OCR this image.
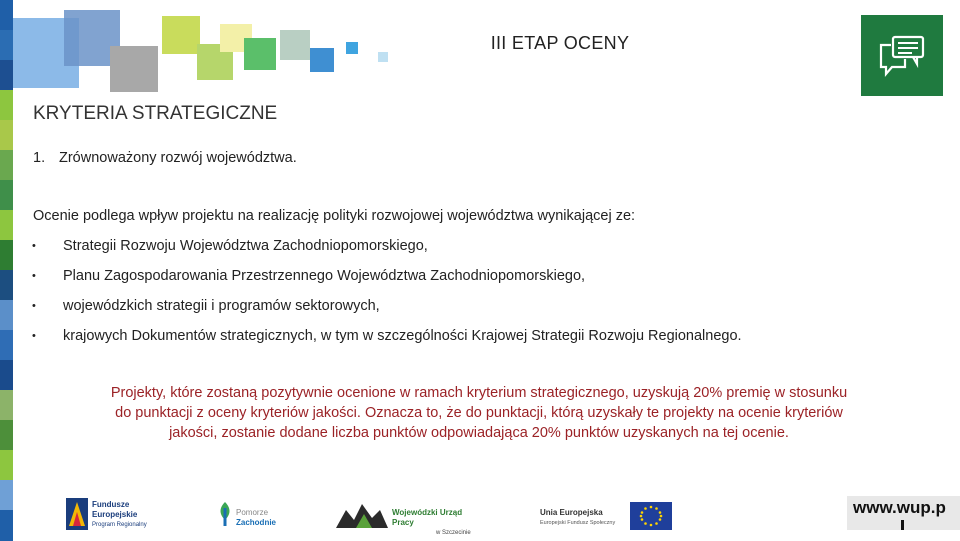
III ETAP OCENY
KRYTERIA STRATEGICZNE
1. Zrównoważony rozwój województwa.
Ocenie podlega wpływ projektu na realizację polityki rozwojowej województwa wynikającej ze:
• Strategii Rozwoju Województwa Zachodniopomorskiego,
• Planu Zagospodarowania Przestrzennego Województwa Zachodniopomorskiego,
• wojewódzkich strategii i programów sektorowych,
• krajowych Dokumentów strategicznych, w tym w szczególności Krajowej Strategii Rozwoju Regionalnego.
Projekty, które zostaną pozytywnie ocenione w ramach kryterium strategicznego, uzyskują 20% premię w stosunku
do punktacji z oceny kryteriów jakości. Oznacza to, że do punktacji, którą uzyskały te projekty na ocenie kryteriów
jakości, zostanie dodane liczba punktów odpowiadająca 20% punktów uzyskanych na tej ocenie.
Fundusze
Europejskie
Program Regionalny
Pomorze
Zachodnie
Wojewódzki Urząd Pracy
w Szczecinie
Unia Europejska
Europejski Fundusz Społeczny
www.wup.p
